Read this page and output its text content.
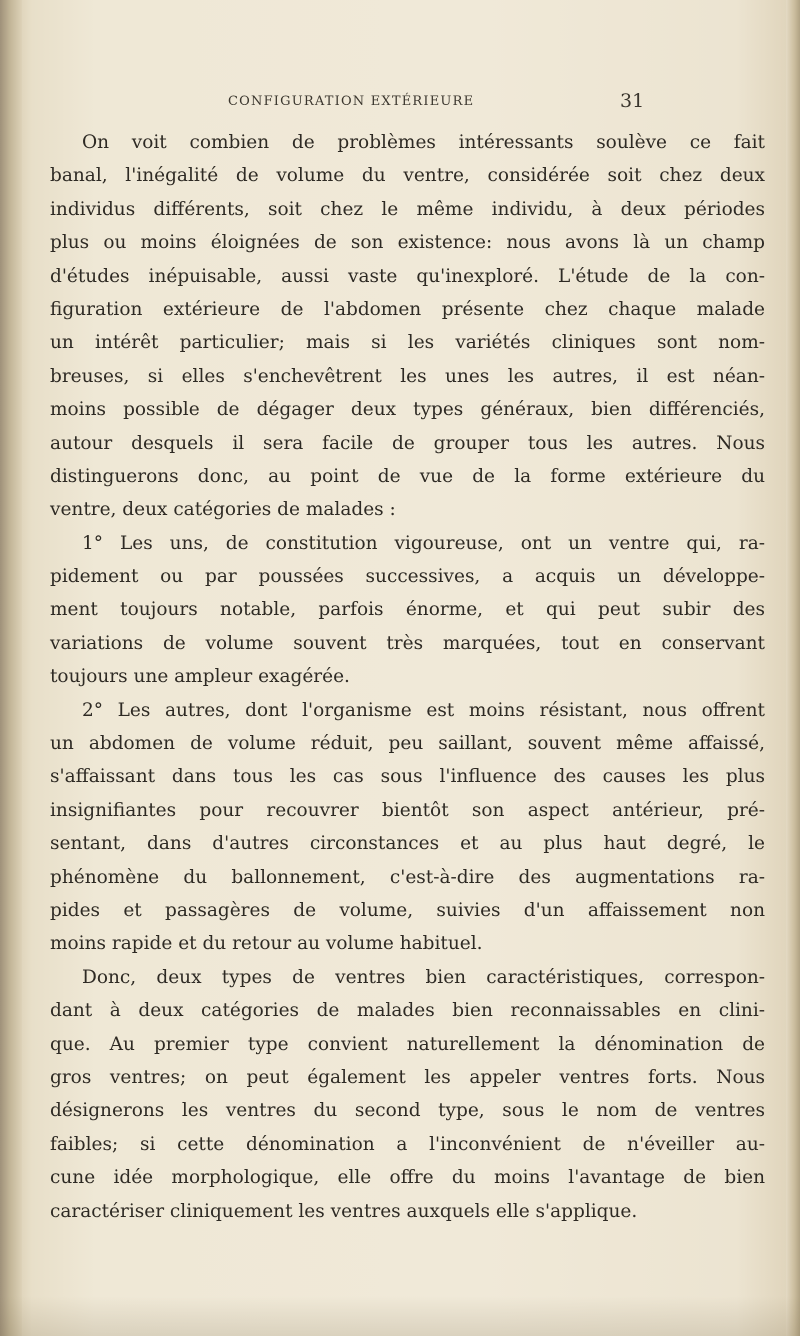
CONFIGURATION EXTÉRIEURE	31
On voit combien de problèmes intéressants soulève ce fait
banal, l'inégalité de volume du ventre, considérée soit chez deux
individus différents, soit chez le même individu, à deux périodes
plus ou moins éloignées de son existence: nous avons là un champ
d'études inépuisable, aussi vaste qu'inexploré. L'étude de la con-
figuration extérieure de l'abdomen présente chez chaque malade
un intérêt particulier; mais si les variétés cliniques sont nom-
breuses, si elles s'enchevêtrent les unes les autres, il est néan-
moins possible de dégager deux types généraux, bien différenciés,
autour desquels il sera facile de grouper tous les autres. Nous
distinguerons donc, au point de vue de la forme extérieure du
ventre, deux catégories de malades :
1° Les uns, de constitution vigoureuse, ont un ventre qui, ra-
pidement ou par poussées successives, a acquis un développe-
ment toujours notable, parfois énorme, et qui peut subir des
variations de volume souvent très marquées, tout en conservant
toujours une ampleur exagérée.
2° Les autres, dont l'organisme est moins résistant, nous offrent
un abdomen de volume réduit, peu saillant, souvent même affaissé,
s'affaissant dans tous les cas sous l'influence des causes les plus
insignifiantes pour recouvrer bientôt son aspect antérieur, pré-
sentant, dans d'autres circonstances et au plus haut degré, le
phénomène du ballonnement, c'est-à-dire des augmentations ra-
pides et passagères de volume, suivies d'un affaissement non
moins rapide et du retour au volume habituel.
Donc, deux types de ventres bien caractéristiques, correspon-
dant à deux catégories de malades bien reconnaissables en clini-
que. Au premier type convient naturellement la dénomination de
gros ventres; on peut également les appeler ventres forts. Nous
désignerons les ventres du second type, sous le nom de ventres
faibles; si cette dénomination a l'inconvénient de n'éveiller au-
cune idée morphologique, elle offre du moins l'avantage de bien
caractériser cliniquement les ventres auxquels elle s'applique.
